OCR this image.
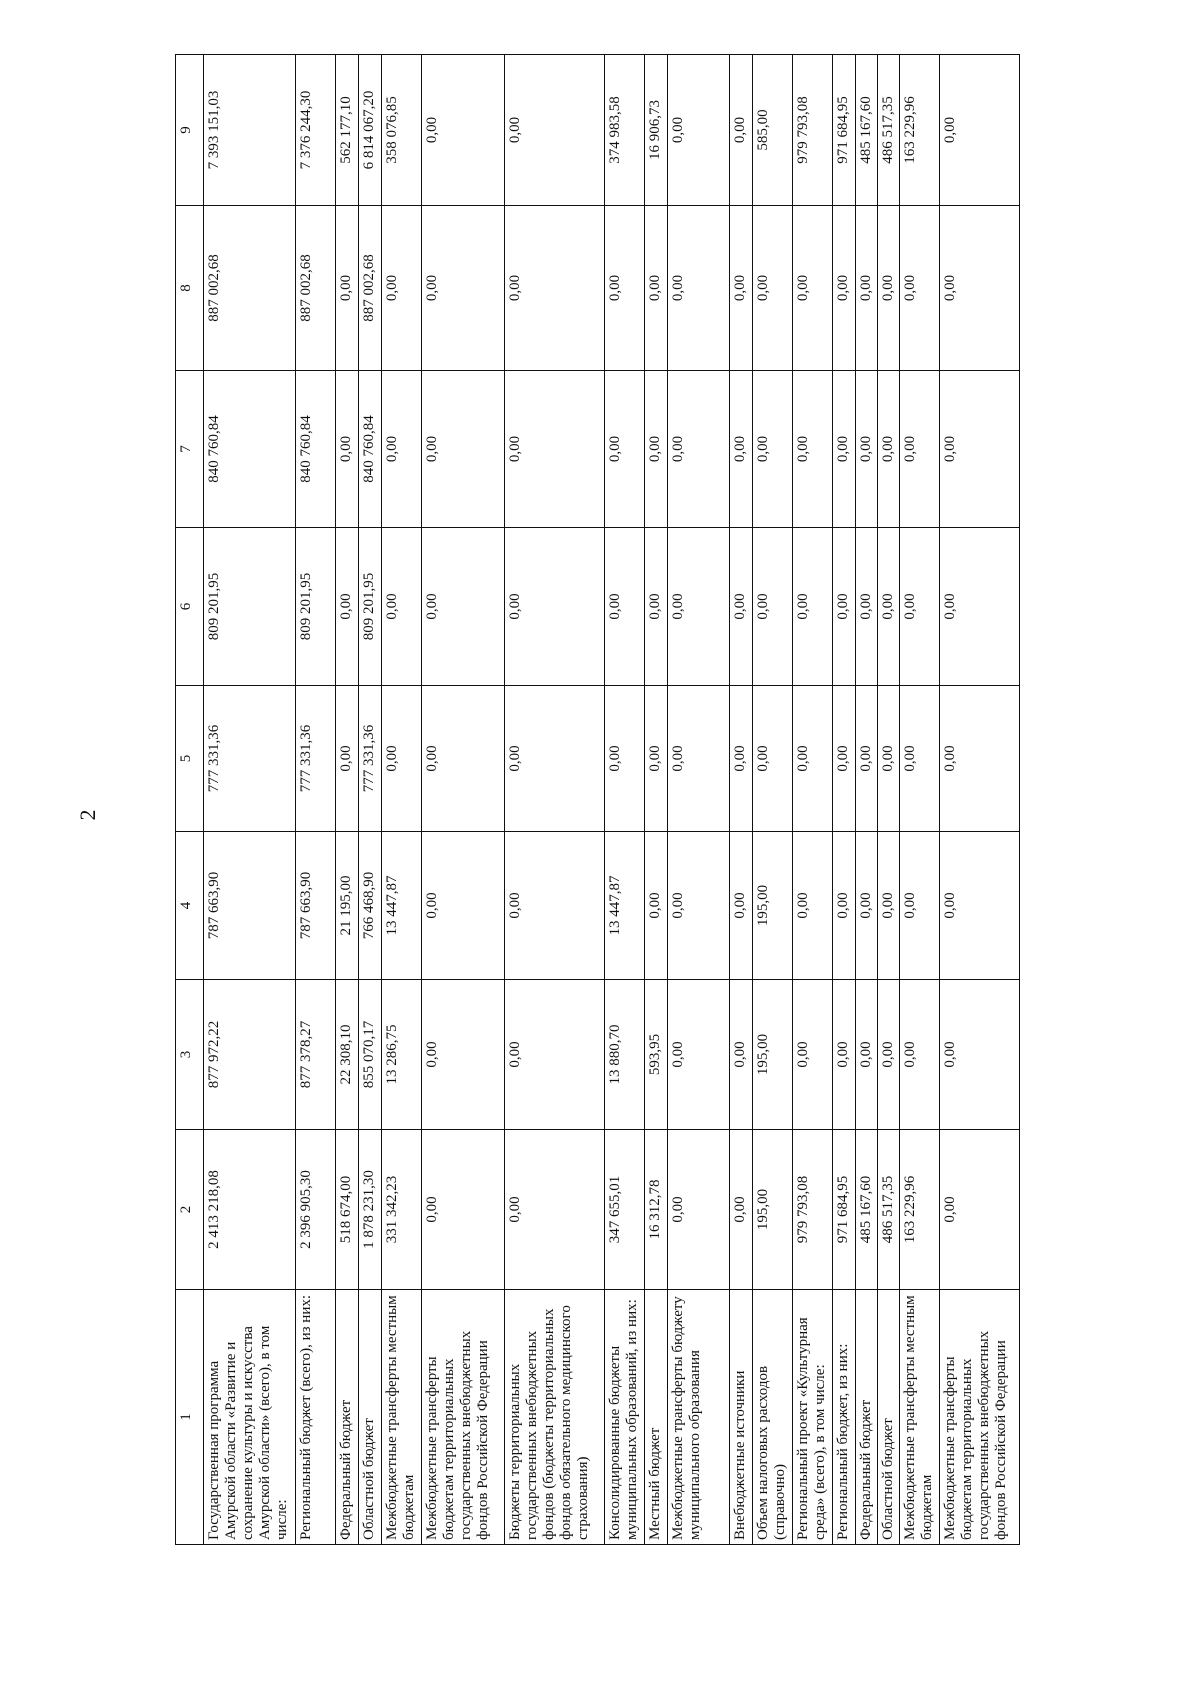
2
1	2	3	4	5	6	7	8	9
Государственная программа Амурской области «Развитие и сохранение культуры и искусства Амурской области» (всего), в том числе:	2 413 218,08	877 972,22	787 663,90	777 331,36	809 201,95	840 760,84	887 002,68	7 393 151,03
Региональный бюджет (всего), из них:	2 396 905,30	877 378,27	787 663,90	777 331,36	809 201,95	840 760,84	887 002,68	7 376 244,30
Федеральный бюджет	518 674,00	22 308,10	21 195,00	0,00	0,00	0,00	0,00	562 177,10
Областной бюджет	1 878 231,30	855 070,17	766 468,90	777 331,36	809 201,95	840 760,84	887 002,68	6 814 067,20
Межбюджетные трансферты местным бюджетам	331 342,23	13 286,75	13 447,87	0,00	0,00	0,00	0,00	358 076,85
Межбюджетные трансферты бюджетам территориальных государственных внебюджетных фондов Российской Федерации	0,00	0,00	0,00	0,00	0,00	0,00	0,00	0,00
Бюджеты территориальных государственных внебюджетных фондов (бюджеты территориальных фондов обязательного медицинского страхования)	0,00	0,00	0,00	0,00	0,00	0,00	0,00	0,00
Консолидированные бюджеты муниципальных образований, из них:	347 655,01	13 880,70	13 447,87	0,00	0,00	0,00	0,00	374 983,58
Местный бюджет	16 312,78	593,95	0,00	0,00	0,00	0,00	0,00	16 906,73
Межбюджетные трансферты бюджету муниципального образования	0,00	0,00	0,00	0,00	0,00	0,00	0,00	0,00
Внебюджетные источники	0,00	0,00	0,00	0,00	0,00	0,00	0,00	0,00
Объем налоговых расходов (справочно)	195,00	195,00	195,00	0,00	0,00	0,00	0,00	585,00
Региональный проект «Культурная среда» (всего), в том числе:	979 793,08	0,00	0,00	0,00	0,00	0,00	0,00	979 793,08
Региональный бюджет, из них:	971 684,95	0,00	0,00	0,00	0,00	0,00	0,00	971 684,95
Федеральный бюджет	485 167,60	0,00	0,00	0,00	0,00	0,00	0,00	485 167,60
Областной бюджет	486 517,35	0,00	0,00	0,00	0,00	0,00	0,00	486 517,35
Межбюджетные трансферты местным бюджетам	163 229,96	0,00	0,00	0,00	0,00	0,00	0,00	163 229,96
Межбюджетные трансферты бюджетам территориальных государственных внебюджетных фондов Российской Федерации	0,00	0,00	0,00	0,00	0,00	0,00	0,00	0,00
